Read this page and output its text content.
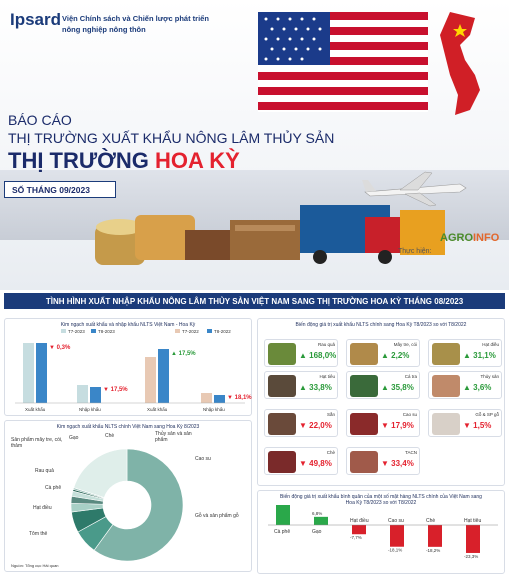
Ipsard Viện Chính sách và Chiến lược phát triển
nông nghiệp nông thôn
BÁO CÁO
THỊ TRƯỜNG XUẤT KHẨU NÔNG LÂM THỦY SẢN
THỊ TRƯỜNG HOA KỲ
SỐ THÁNG 09/2023
AGROINFO
Thực hiện:
TÌNH HÌNH XUẤT NHẬP KHẨU NÔNG LÂM THỦY SẢN VIỆT NAM SANG THỊ TRƯỜNG HOA KỲ THÁNG 08/2023
Kim ngạch xuất khẩu và nhập khẩu NLTS Việt Nam - Hoa Kỳ
T7-2023	T8-2023	T7-2022	T8-2022
Xuất khẩu
▼ 0,3%
Nhập khẩu
▼ 17,5%
Xuất khẩu
▲ 17,5%
Nhập khẩu
▼ 18,1%
Kim ngạch xuất khẩu NLTS chính Việt Nam sang Hoa Kỳ 8/2023
Sản phẩm mây tre, cói, thảm
Rau quả
Cà phê
Hạt điều
Tôm thẻ
Gạo	Chè	Thủy sản và sản phẩm
Cao su
Gỗ và sản phẩm gỗ
Nguồn: Tổng cục Hải quan
Biến động giá trị xuất khẩu NLTS chính sang Hoa Kỳ T8/2023 so với T8/2022
Rau quả
▲ 168,0%
Mây tre, cói
▲ 2,2%
Hạt điều
▲ 31,1%
Hạt tiêu
▲ 33,8%
Cá tra
▲ 35,8%
Thủy sản
▲ 3,6%
Sắn
▼ 22,0%
Cao su
▼ 17,9%
Gỗ & SP gỗ
▼ 1,5%
Chè
▼ 49,8%
TACN
▼ 33,4%
Biến động giá trị xuất khẩu bình quân của một số mặt hàng NLTS chính của Việt Nam sang Hoa Kỳ T8/2023 so với T8/2022
Cà phê
6,8%
Gạo
-7,7%
Hạt điều
-18,1%
Cao su
-18,2%
Chè
-23,3%
Hạt tiêu
